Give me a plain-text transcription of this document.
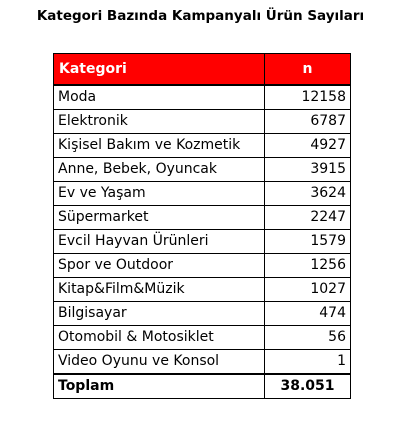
Kategori Bazında Kampanyalı Ürün Sayıları
Kategori	n
Moda	12158
Elektronik	6787
Kişisel Bakım ve Kozmetik	4927
Anne, Bebek, Oyuncak	3915
Ev ve Yaşam	3624
Süpermarket	2247
Evcil Hayvan Ürünleri	1579
Spor ve Outdoor	1256
Kitap&Film&Müzik	1027
Bilgisayar	474
Otomobil & Motosiklet	56
Video Oyunu ve Konsol	1
Toplam	38.051
